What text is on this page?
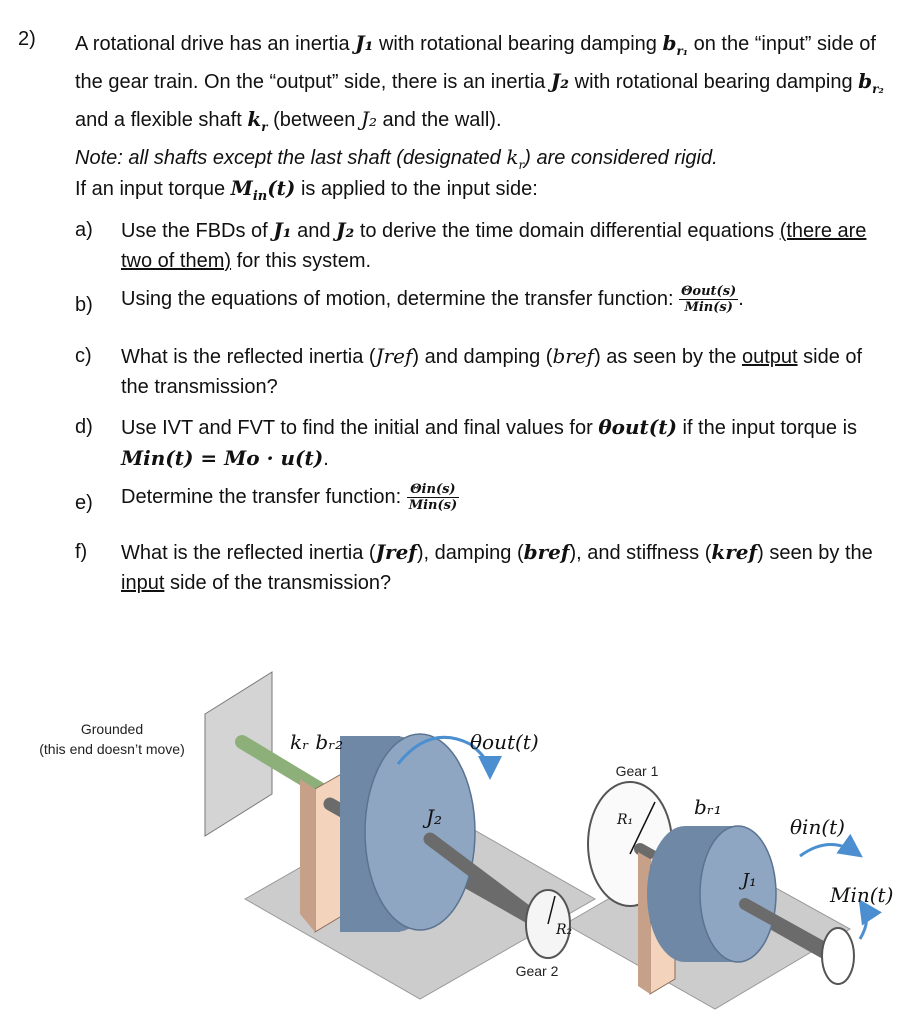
2) A rotational drive has an inertia J₁ with rotational bearing damping $b_{r_1}$ on the “input” side of the gear train. On the “output” side, there is an inertia J₂ with rotational bearing damping $b_{r_2}$ and a flexible shaft $k_r$ (between J₂ and the wall).
Note: all shafts except the last shaft (designated $k_r$) are considered rigid.
If an input torque $M_{in}(t)$ is applied to the input side:
a) Use the FBDs of J₁ and J₂ to derive the time domain differential equations (there are two of them) for this system.
b) Using the equations of motion, determine the transfer function: $\frac{\text{Θout(s)}}{\text{Min(s)}}$ .
c) What is the reflected inertia (Jref) and damping (bref) as seen by the output side of the transmission?
d) Use IVT and FVT to find the initial and final values for θout(t) if the input torque is Min(t) = Mo · u(t).
e) Determine the transfer function: $\frac{\text{Θin(s)}}{\text{Min(s)}}$
f) What is the reflected inertia (Jref), damping (bref), and stiffness (kref) seen by the input side of the transmission?
Grounded
(this end doesn’t move)
J₂
θout(t)
kᵣ bᵣ₂
R₂
Gear 2
R₁
Gear 1
bᵣ₁
J₁
θin(t)
Min(t)
